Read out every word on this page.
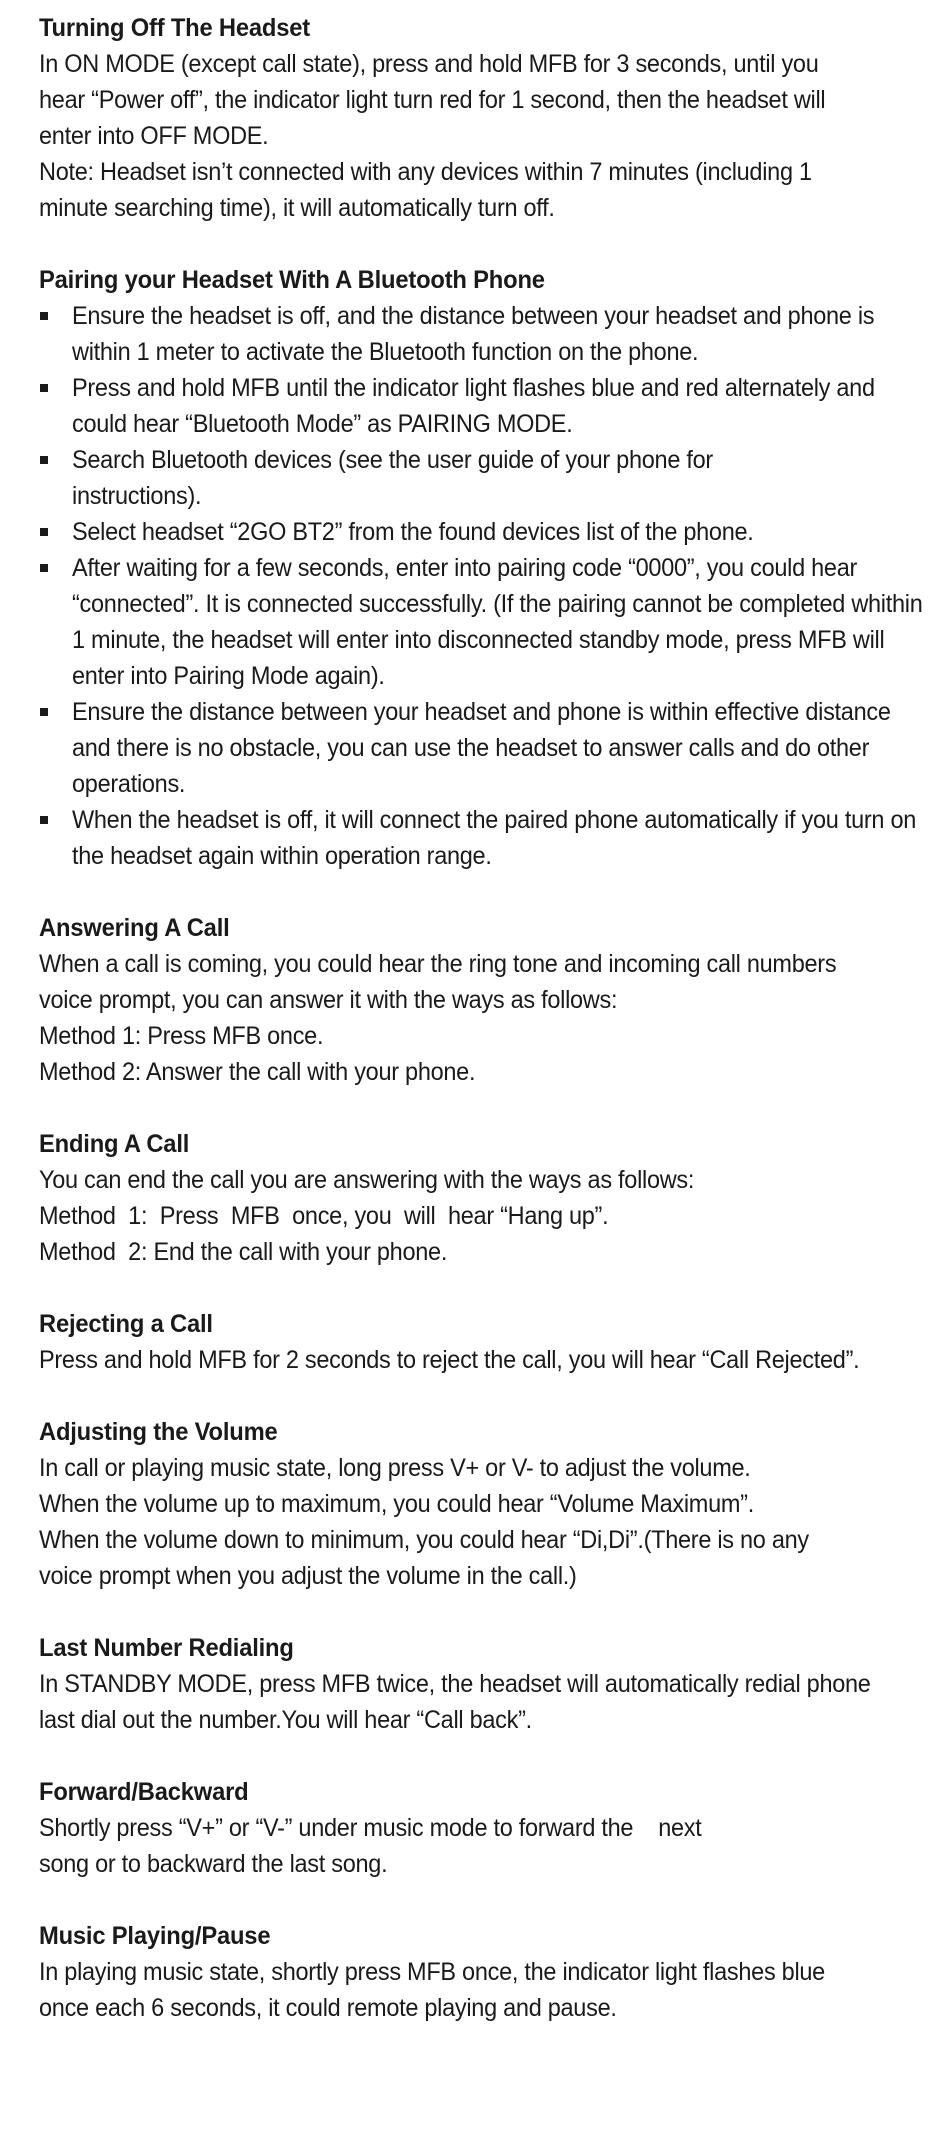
Turning Off The Headset

In ON MODE (except call state), press and hold MFB for 3 seconds, until you hear “Power off”, the indicator light turn red for 1 second, then the headset will enter into OFF MODE.

Note: Headset isn’t connected with any devices within 7 minutes (including 1 minute searching time), it will automatically turn off.

Pairing your Headset With A Bluetooth Phone

Ensure the headset is off, and the distance between your headset and phone is within 1 meter to activate the Bluetooth function on the phone.
Press and hold MFB until the indicator light flashes blue and red alternately and could hear “Bluetooth Mode” as PAIRING MODE.
Search Bluetooth devices (see the user guide of your phone for instructions).
Select headset “2GO BT2” from the found devices list of the phone.
After waiting for a few seconds, enter into pairing code “0000”, you could hear “connected”. It is connected successfully. (If the pairing cannot be completed whithin 1 minute, the headset will enter into disconnected standby mode, press MFB will enter into Pairing Mode again).
Ensure the distance between your headset and phone is within effective distance and there is no obstacle, you can use the headset to answer calls and do other operations.
When the headset is off, it will connect the paired phone automatically if you turn on the headset again within operation range.

Answering A Call

When a call is coming, you could hear the ring tone and incoming call numbers voice prompt, you can answer it with the ways as follows:

Method 1: Press MFB once.

Method 2: Answer the call with your phone.

Ending A Call

You can end the call you are answering with the ways as follows:

Method  1:  Press  MFB  once, you  will  hear “Hang up”.

Method  2: End the call with your phone.

Rejecting a Call

Press and hold MFB for 2 seconds to reject the call, you will hear “Call Rejected”.

Adjusting the Volume

In call or playing music state, long press V+ or V- to adjust the volume.

When the volume up to maximum, you could hear “Volume Maximum”.

When the volume down to minimum, you could hear “Di,Di”.(There is no any voice prompt when you adjust the volume in the call.)

Last Number Redialing

In STANDBY MODE, press MFB twice, the headset will automatically redial phone last dial out the number.You will hear “Call back”.

Forward/Backward

Shortly press “V+” or “V-” under music mode to forward the    next

song or to backward the last song.

Music Playing/Pause

In playing music state, shortly press MFB once, the indicator light flashes blue once each 6 seconds, it could remote playing and pause.
